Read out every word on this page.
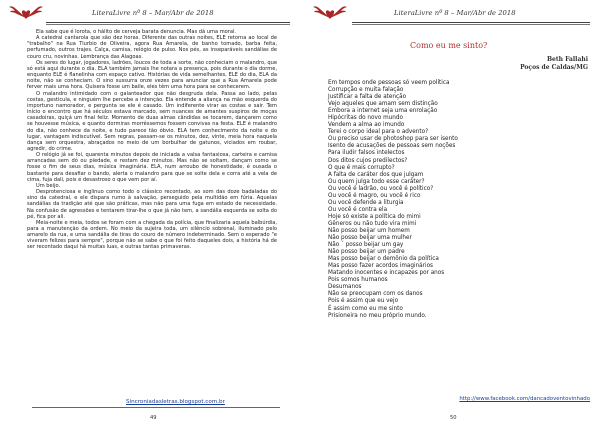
LiteraLivre nº 8 – Mar/Abr de 2018

Ela sabe que é lorota, o hálito de cerveja barata denuncia. Mas dá uma moral.

A catedral cantarola que são dez horas. Diferente das outras noites, ELE retorna ao local de "trabalho" na Rua Tiurbio de Oliveira, agora Rua Amarela, de banho tomado, barba feita, perfumado, outros trajes. Calça, camisa, relógio de pulso. Nos pés, as inseparáveis sandálias de couro cru, novinhas. Lembrança das Alagoas.

Os seres do lugar, jogadores, ladrões, loucos de toda a sorte, não conheciam o malandro, que só está aqui durante o dia. ELA também jamais lhe notara a presença, pois durante o dia dorme, enquanto ELE é flanelinha com espaço cativo. Histórias de vida semelhantes, ELE do dia, ELA da noite, não se conheciam. O sino sussurra onze vezes para anunciar que a Rua Amarela pode ferver mais uma hora. Quisera fosse um baile, eles têm uma hora para se conhecerem.

O malandro intimidado com o galanteador que não desgruda dela. Passa ao lado, pelas costas, gesticula, e ninguém lhe percebe a intenção. Ela entende a aliança na mão esquerda do importuno namorador, e pergunta se ele é casado. Um indiferente virar as costas e sair. Tem início o encontro que há séculos estava marcado, sem nuances de amantes suspiros de moças casadoiras, quiçá um final feliz. Momento de duas almas cândidas se tocarem, dançarem como se houvesse música, e quanto dormiras morrêssemos fossem convivas na festa. ELE é malandro do dia, não conhece da noite, e tudo parece tão óbvio. ELA tem conhecimento da noite e do lugar, vantagem indiscutível. Sem regras, passam-se os minutos, dez, vinte, meia hora naquela dança sem orquestra, abraçados no meio de um borbulhar de gatunos, viciados em roubar, agredir, do crime.

O relógio já se foi, quarenta minutos depois de iniciada a valsa fantasiosa, carteira e camisa arrancadas sem dó ou piedade, e restam dez minutos. Mas não se soltam, dançam como se fosse o fim de seus dias, música imaginária. ELA, num arroubo de honestidade, é ousada o bastante para desafiar o bando, alerta o malandro para que se solte dela e corra até a vela de cima, fuja dali, pois é desastroso o que vem por aí.

Um beijo.

Desprotenciosa e inglinuo como todo o clássico recontado, ao som das doze badaladas do sino da catedral, e ele dispara rumo à salvação, perseguido pela multidão em fúria. Aquelas sandálias da tradição até que são práticas, mas não para uma fuga em estado de necessidade. Na confusão de agressões e tentarem tirar-lhe o que já não tem, a sandália esquerda se solta do pé, fica por ali.

Meia-noite e meia, todos se foram com a chegada da polícia, que finalizaria aquela balbúrdia, para a manutenção da ordem. No meio da sujeira toda, um silêncio sobrenal, iluminado pelo amarelo da rua, e uma sandália de tiras do couro de número indeterminado. Sem o esperado "e viveram felizes para sempre", porque não se sabe o que foi feito daqueles dois, a história há de ser recontado daqui há muitas luas, e outras tantas primaveras.

Sincroniadasletras.blogspot.com.br
49
LiteraLivre nº 8 – Mar/Abr de 2018
Como eu me sinto?
Beth Fallahi
Poços de Caldas/MG
Em tempos onde pessoas só veem política
Corrupção e muita falação
Justificar a falta de atenção
Vejo aqueles que amam sem distinção
Embora a internet seja uma enrolação
Hipócritas do novo mundo
Vendem a alma ao imundo
Terei o corpo ideal para o advento?
Ou preciso usar de photoshop para ser isento
Isento de acusações de pessoas sem noções
Para iludir falsos intelectos
Dos ditos cujos predilectos?
O que é mais corrupto?
A falta de caráter dos que julgam
Ou quem julga todo esse caráter?
Ou você é ladrão, ou você é político?
Ou você é magro, ou você é rico
Ou você defende a liturgia
Ou você é contra ela
Hoje só existe a política do mimi
Gêneros ou não tudo vira mimi
Não posso beijar um homem
Não posso beijar uma mulher
Não ´ posso beijar um gay
Não posso beijar um padre
Mas posso beijar o demônio da política
Mas posso fazer acordos imaginários
Matando inocentes e incapazes por anos
Pois somos humanos
Desumanos
Não se preocupam com os danos
Pois é assim que eu vejo
É assim como eu me sinto
Prisioneira no meu próprio mundo.
http://www.facebook.com/dancadoventovinhado
50
